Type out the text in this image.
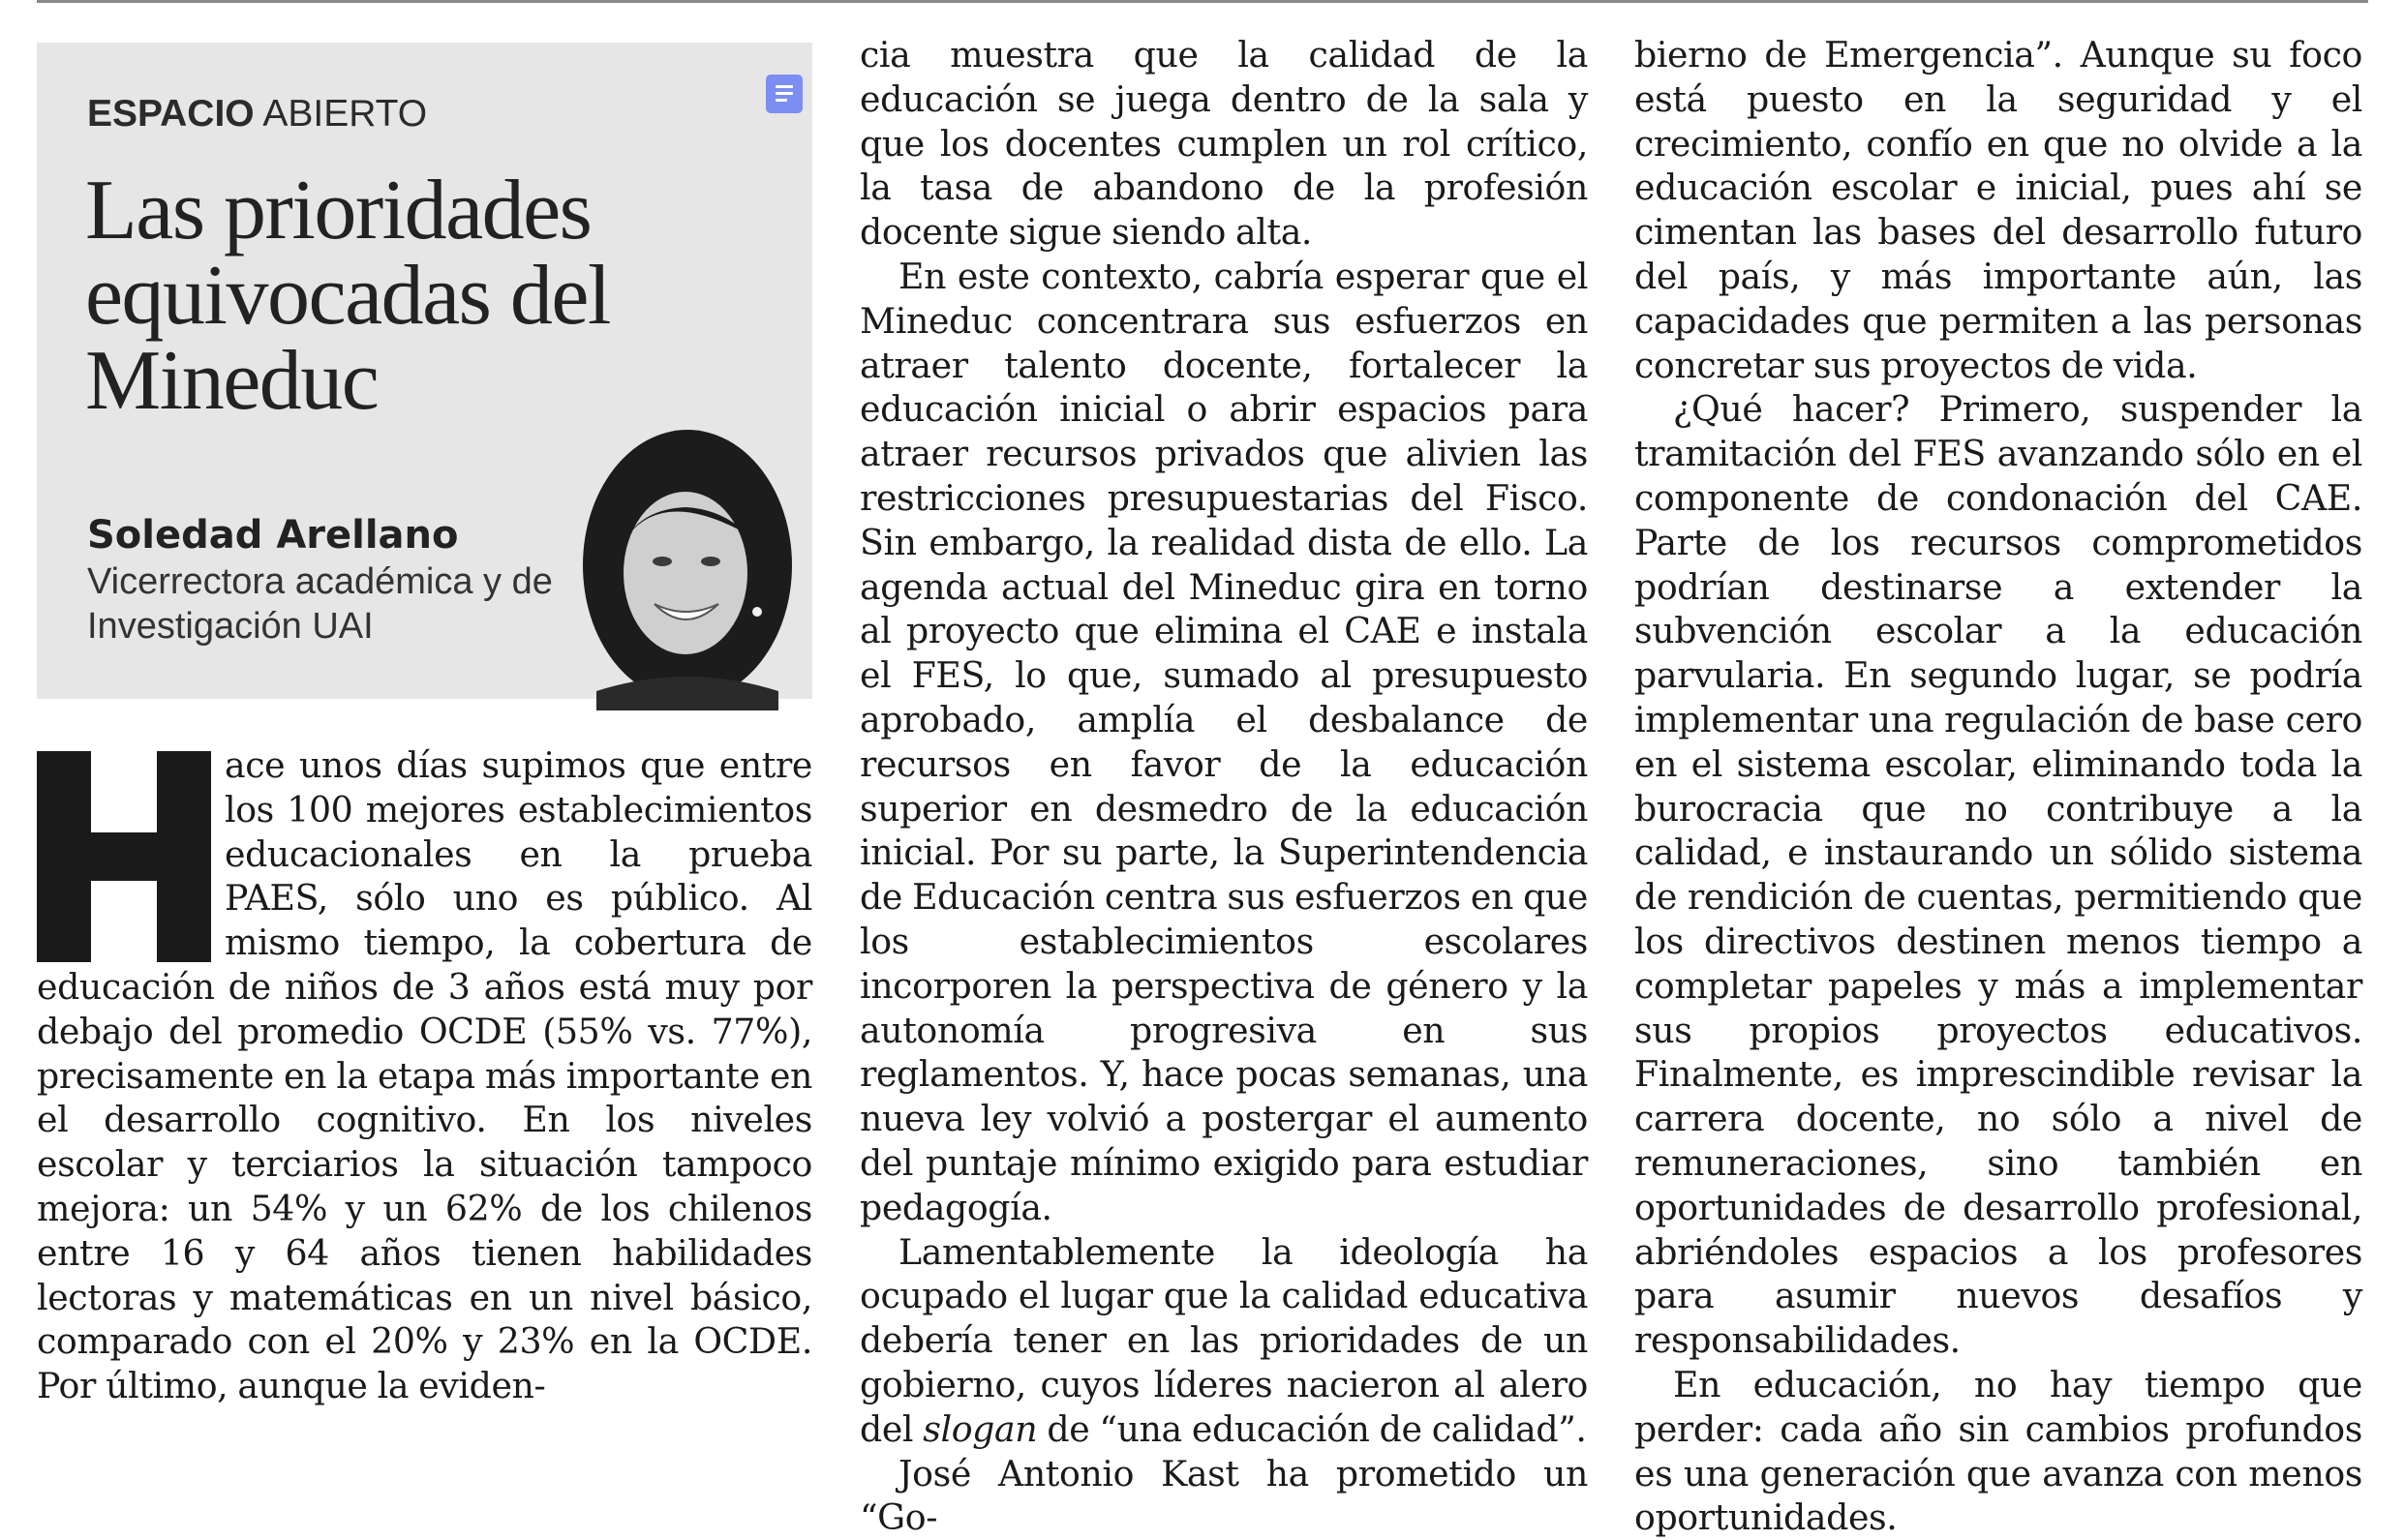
ESPACIO ABIERTO
Las prioridades equivocadas del Mineduc
Soledad Arellano
Vicerrectora académica y de Investigación UAI

ace unos días supimos que entre los 100 mejores establecimientos educacionales en la prueba PAES, sólo uno es público. Al mismo tiempo, la cobertura de educación de niños de 3 años está muy por debajo del promedio OCDE (55% vs. 77%), precisamente en la etapa más importante en el desarrollo cognitivo. En los niveles escolar y terciarios la situación tampoco mejora: un 54% y un 62% de los chilenos entre 16 y 64 años tienen habilidades lectoras y matemáticas en un nivel básico, comparado con el 20% y 23% en la OCDE. Por último, aunque la eviden-

cia muestra que la calidad de la educación se juega dentro de la sala y que los docentes cumplen un rol crítico, la tasa de abandono de la profesión docente sigue siendo alta.

En este contexto, cabría esperar que el Mineduc concentrara sus esfuerzos en atraer talento docente, fortalecer la educación inicial o abrir espacios para atraer recursos privados que alivien las restricciones presupuestarias del Fisco. Sin embargo, la realidad dista de ello. La agenda actual del Mineduc gira en torno al proyecto que elimina el CAE e instala el FES, lo que, sumado al presupuesto aprobado, amplía el desbalance de recursos en favor de la educación superior en desmedro de la educación inicial. Por su parte, la Superintendencia de Educación centra sus esfuerzos en que los establecimientos escolares incorporen la perspectiva de género y la autonomía progresiva en sus reglamentos. Y, hace pocas semanas, una nueva ley volvió a postergar el aumento del puntaje mínimo exigido para estudiar pedagogía.

Lamentablemente la ideología ha ocupado el lugar que la calidad educativa debería tener en las prioridades de un gobierno, cuyos líderes nacieron al alero del slogan de “una educación de calidad”.

José Antonio Kast ha prometido un “Go-

bierno de Emergencia”. Aunque su foco está puesto en la seguridad y el crecimiento, confío en que no olvide a la educación escolar e inicial, pues ahí se cimentan las bases del desarrollo futuro del país, y más importante aún, las capacidades que permiten a las personas concretar sus proyectos de vida.

¿Qué hacer? Primero, suspender la tramitación del FES avanzando sólo en el componente de condonación del CAE. Parte de los recursos comprometidos podrían destinarse a extender la subvención escolar a la educación parvularia. En segundo lugar, se podría implementar una regulación de base cero en el sistema escolar, eliminando toda la burocracia que no contribuye a la calidad, e instaurando un sólido sistema de rendición de cuentas, permitiendo que los directivos destinen menos tiempo a completar papeles y más a implementar sus propios proyectos educativos. Finalmente, es imprescindible revisar la carrera docente, no sólo a nivel de remuneraciones, sino también en oportunidades de desarrollo profesional, abriéndoles espacios a los profesores para asumir nuevos desafíos y responsabilidades.

En educación, no hay tiempo que perder: cada año sin cambios profundos es una generación que avanza con menos oportunidades.
